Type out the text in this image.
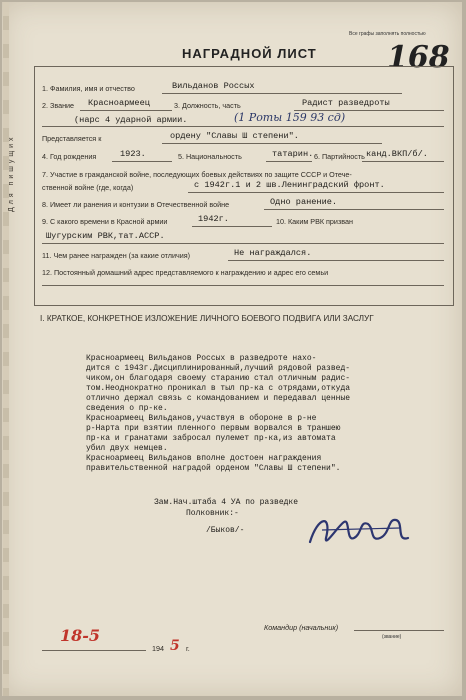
Все графы заполнять полностью
168
НАГРАДНОЙ ЛИСТ
1. Фамилия, имя и отчество	Вильданов Россых
2. Звание Красноармеец	3. Должность, часть	Радист разведроты
(нарс 4 ударной армии.	(1 Роты 159 93 сд)
Представляется к	ордену "Славы Ш степени".
4. Год рождения	1923.	5. Национальность	татарин. 6. Партийность канд.ВКП/б/.
7. Участие в гражданской войне, последующих боевых действиях по защите СССР и Отече-
ственной войне (где, когда)	с 1942г.1 и 2 шв.Ленинградский фронт.
8. Имеет ли ранения и контузии в Отечественной войне	Одно ранение.
9. С какого времени в Красной армии	1942г.	10. Каким РВК призван
Шугурским РВК,тат.АССР.
11. Чем ранее награжден (за какие отличия)	Не награждался.
12. Постоянный домашний адрес представляемого к награждению и адрес его семьи
Для пишущих
I. КРАТКОЕ, КОНКРЕТНОЕ ИЗЛОЖЕНИЕ ЛИЧНОГО БОЕВОГО ПОДВИГА ИЛИ ЗАСЛУГ
Красноармеец Вильданов Россых в разведроте нахо-
дится с 1943г.Дисциплинированный,лучший рядовой развед-
чиком,он благодаря своему старанию стал отличным радис-
том.Неоднократно проникал в тыл пр-ка с отрядами,откуда
отлично держал связь с командованием и передавал ценные
сведения о пр-ке.
Красноармеец Вильданов,участвуя в обороне в р-не
р-Нарта при взятии пленного первым ворвался в траншею
пр-ка и гранатами забросал пулемет пр-ка,из автомата
убил двух немцев.
Красноармеец Вильданов вполне достоен награждения
правительственной наградой орденом "Славы Ш степени".
Зам.Нач.штаба 4 УА по разведке
Полковник:-
/Быков/-
Командир (начальник)
(звание)
18-5
194 5 г.
